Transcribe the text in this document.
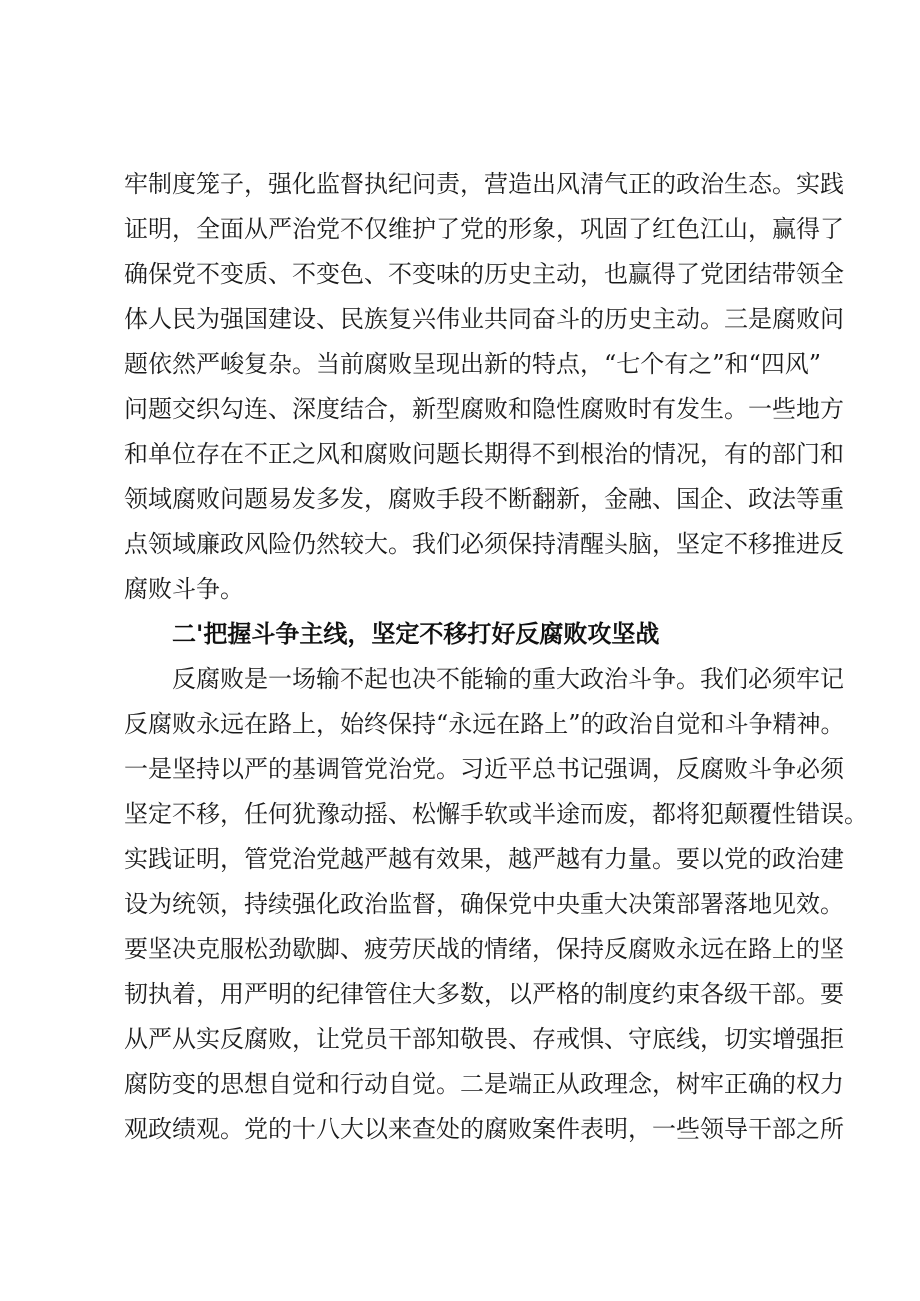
牢制度笼子，强化监督执纪问责，营造出风清气正的政治生态。实践
证明，全面从严治党不仅维护了党的形象，巩固了红色江山，赢得了
确保党不变质、不变色、不变味的历史主动，也赢得了党团结带领全
体人民为强国建设、民族复兴伟业共同奋斗的历史主动。三是腐败问
题依然严峻复杂。当前腐败呈现出新的特点，“七个有之”和“四风”
问题交织勾连、深度结合，新型腐败和隐性腐败时有发生。一些地方
和单位存在不正之风和腐败问题长期得不到根治的情况，有的部门和
领域腐败问题易发多发，腐败手段不断翻新，金融、国企、政法等重
点领域廉政风险仍然较大。我们必须保持清醒头脑，坚定不移推进反
腐败斗争。
二'把握斗争主线，坚定不移打好反腐败攻坚战
反腐败是一场输不起也决不能输的重大政治斗争。我们必须牢记
反腐败永远在路上，始终保持“永远在路上”的政治自觉和斗争精神。
一是坚持以严的基调管党治党。习近平总书记强调，反腐败斗争必须
坚定不移，任何犹豫动摇、松懈手软或半途而废，都将犯颠覆性错误。
实践证明，管党治党越严越有效果，越严越有力量。要以党的政治建
设为统领，持续强化政治监督，确保党中央重大决策部署落地见效。
要坚决克服松劲歇脚、疲劳厌战的情绪，保持反腐败永远在路上的坚
韧执着，用严明的纪律管住大多数，以严格的制度约束各级干部。要
从严从实反腐败，让党员干部知敬畏、存戒惧、守底线，切实增强拒
腐防变的思想自觉和行动自觉。二是端正从政理念，树牢正确的权力
观政绩观。党的十八大以来查处的腐败案件表明，一些领导干部之所
